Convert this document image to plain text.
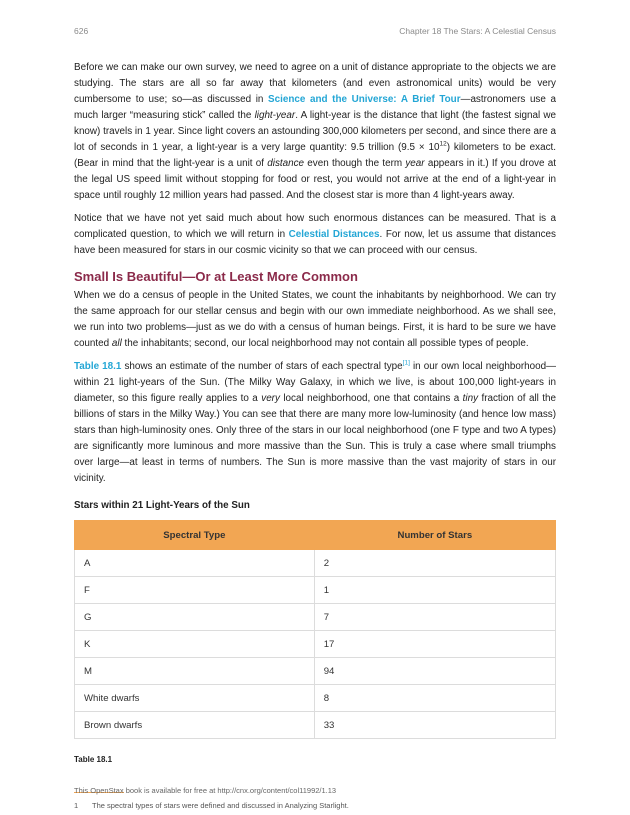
626	Chapter 18 The Stars: A Celestial Census

Before we can make our own survey, we need to agree on a unit of distance appropriate to the objects we are studying. The stars are all so far away that kilometers (and even astronomical units) would be very cumbersome to use; so—as discussed in Science and the Universe: A Brief Tour—astronomers use a much larger “measuring stick” called the light-year. A light-year is the distance that light (the fastest signal we know) travels in 1 year. Since light covers an astounding 300,000 kilometers per second, and since there are a lot of seconds in 1 year, a light-year is a very large quantity: 9.5 trillion $(9.5 \times 10^{12})$ kilometers to be exact. (Bear in mind that the light-year is a unit of distance even though the term year appears in it.) If you drove at the legal US speed limit without stopping for food or rest, you would not arrive at the end of a light-year in space until roughly 12 million years had passed. And the closest star is more than 4 light-years away.

Notice that we have not yet said much about how such enormous distances can be measured. That is a complicated question, to which we will return in Celestial Distances. For now, let us assume that distances have been measured for stars in our cosmic vicinity so that we can proceed with our census.

Small Is Beautiful—Or at Least More Common

When we do a census of people in the United States, we count the inhabitants by neighborhood. We can try the same approach for our stellar census and begin with our own immediate neighborhood. As we shall see, we run into two problems—just as we do with a census of human beings. First, it is hard to be sure we have counted all the inhabitants; second, our local neighborhood may not contain all possible types of people.

Table 18.1 shows an estimate of the number of stars of each spectral type[1] in our own local neighborhood—within 21 light-years of the Sun. (The Milky Way Galaxy, in which we live, is about 100,000 light-years in diameter, so this figure really applies to a very local neighborhood, one that contains a tiny fraction of all the billions of stars in the Milky Way.) You can see that there are many more low-luminosity (and hence low mass) stars than high-luminosity ones. Only three of the stars in our local neighborhood (one F type and two A types) are significantly more luminous and more massive than the Sun. This is truly a case where small triumphs over large—at least in terms of numbers. The Sun is more massive than the vast majority of stars in our vicinity.

Stars within 21 Light-Years of the Sun
Spectral Type	Number of Stars
A	2
F	1
G	7
K	17
M	94
White dwarfs	8
Brown dwarfs	33
Table 18.1
1 The spectral types of stars were defined and discussed in Analyzing Starlight.
This OpenStax book is available for free at http://cnx.org/content/col11992/1.13
